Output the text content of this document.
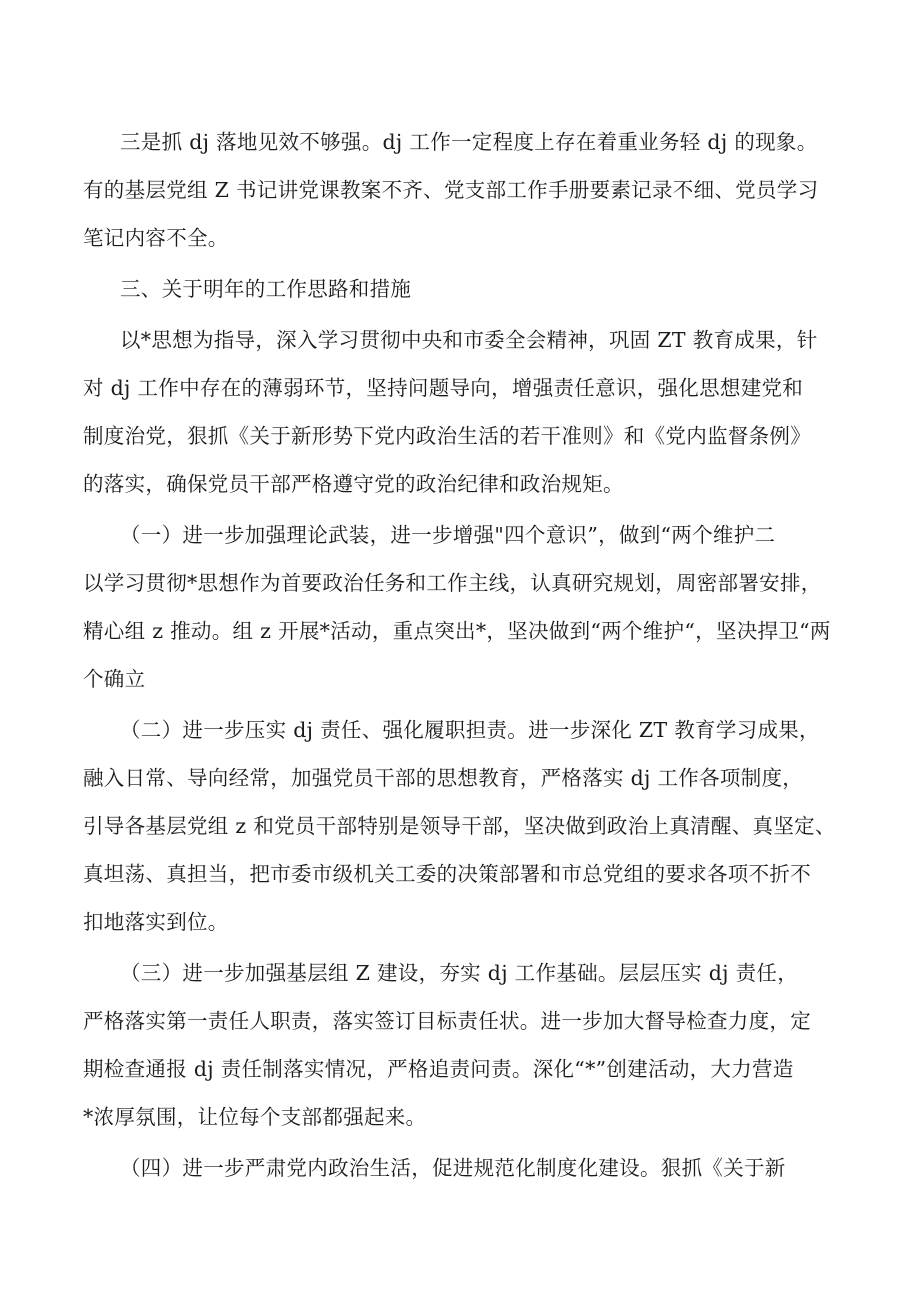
三是抓 dj 落地见效不够强。dj 工作一定程度上存在着重业务轻 dj 的现象。
有的基层党组 Z 书记讲党课教案不齐、党支部工作手册要素记录不细、党员学习
笔记内容不全。
三、关于明年的工作思路和措施
以*思想为指导，深入学习贯彻中央和市委全会精神，巩固 ZT 教育成果，针
对 dj 工作中存在的薄弱环节，坚持问题导向，增强责任意识，强化思想建党和
制度治党，狠抓《关于新形势下党内政治生活的若干准则》和《党内监督条例》
的落实，确保党员干部严格遵守党的政治纪律和政治规矩。
（一）进一步加强理论武装，进一步增强"四个意识”，做到“两个维护二
以学习贯彻*思想作为首要政治任务和工作主线，认真研究规划，周密部署安排，
精心组 z 推动。组 z 开展*活动，重点突出*，坚决做到“两个维护“，坚决捍卫“两
个确立
（二）进一步压实 dj 责任、强化履职担责。进一步深化 ZT 教育学习成果，
融入日常、导向经常，加强党员干部的思想教育，严格落实 dj 工作各项制度，
引导各基层党组 z 和党员干部特别是领导干部，坚决做到政治上真清醒、真坚定、
真坦荡、真担当，把市委市级机关工委的决策部署和市总党组的要求各项不折不
扣地落实到位。
（三）进一步加强基层组 Z 建设，夯实 dj 工作基础。层层压实 dj 责任，
严格落实第一责任人职责，落实签订目标责任状。进一步加大督导检查力度，定
期检查通报 dj 责任制落实情况，严格追责问责。深化“*”创建活动，大力营造
*浓厚氛围，让位每个支部都强起来。
（四）进一步严肃党内政治生活，促进规范化制度化建设。狠抓《关于新
